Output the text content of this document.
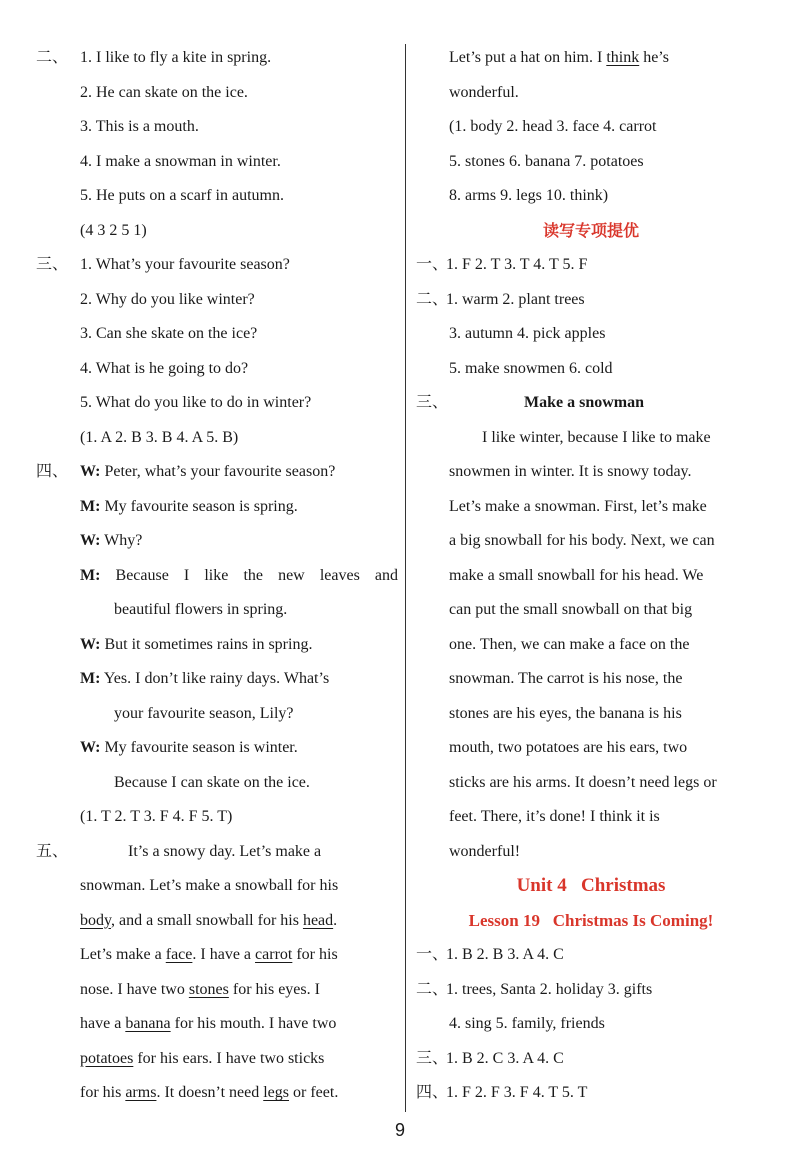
二、 1. I like to fly a kite in spring.
2. He can skate on the ice.
3. This is a mouth.
4. I make a snowman in winter.
5. He puts on a scarf in autumn.
(4 3 2 5 1)
三、 1. What’s your favourite season?
2. Why do you like winter?
3. Can she skate on the ice?
4. What is he going to do?
5. What do you like to do in winter?
(1. A 2. B 3. B 4. A 5. B)
四、 W: Peter, what’s your favourite season?
M: My favourite season is spring.
W: Why?
M: Because I like the new leaves and
beautiful flowers in spring.
W: But it sometimes rains in spring.
M: Yes. I don’t like rainy days. What’s
your favourite season, Lily?
W: My favourite season is winter.
Because I can skate on the ice.
(1. T 2. T 3. F 4. F 5. T)
五、	It’s a snowy day. Let’s make a
snowman. Let’s make a snowball for his
body, and a small snowball for his head.
Let’s make a face. I have a carrot for his
nose. I have two stones for his eyes. I
have a banana for his mouth. I have two
potatoes for his ears. I have two sticks
for his arms. It doesn’t need legs or feet.
Let’s put a hat on him. I think he’s
wonderful.
(1. body 2. head 3. face 4. carrot
5. stones 6. banana 7. potatoes
8. arms 9. legs 10. think)
读写专项提优
一、1. F 2. T 3. T 4. T 5. F
二、1. warm 2. plant trees
3. autumn 4. pick apples
5. make snowmen 6. cold
三、	Make a snowman
I like winter, because I like to make
snowmen in winter. It is snowy today.
Let’s make a snowman. First, let’s make
a big snowball for his body. Next, we can
make a small snowball for his head. We
can put the small snowball on that big
one. Then, we can make a face on the
snowman. The carrot is his nose, the
stones are his eyes, the banana is his
mouth, two potatoes are his ears, two
sticks are his arms. It doesn’t need legs or
feet. There, it’s done! I think it is
wonderful!
Unit 4   Christmas
Lesson 19   Christmas Is Coming!
一、1. B 2. B 3. A 4. C
二、1. trees, Santa 2. holiday 3. gifts
4. sing 5. family, friends
三、1. B 2. C 3. A 4. C
四、1. F 2. F 3. F 4. T 5. T
9
